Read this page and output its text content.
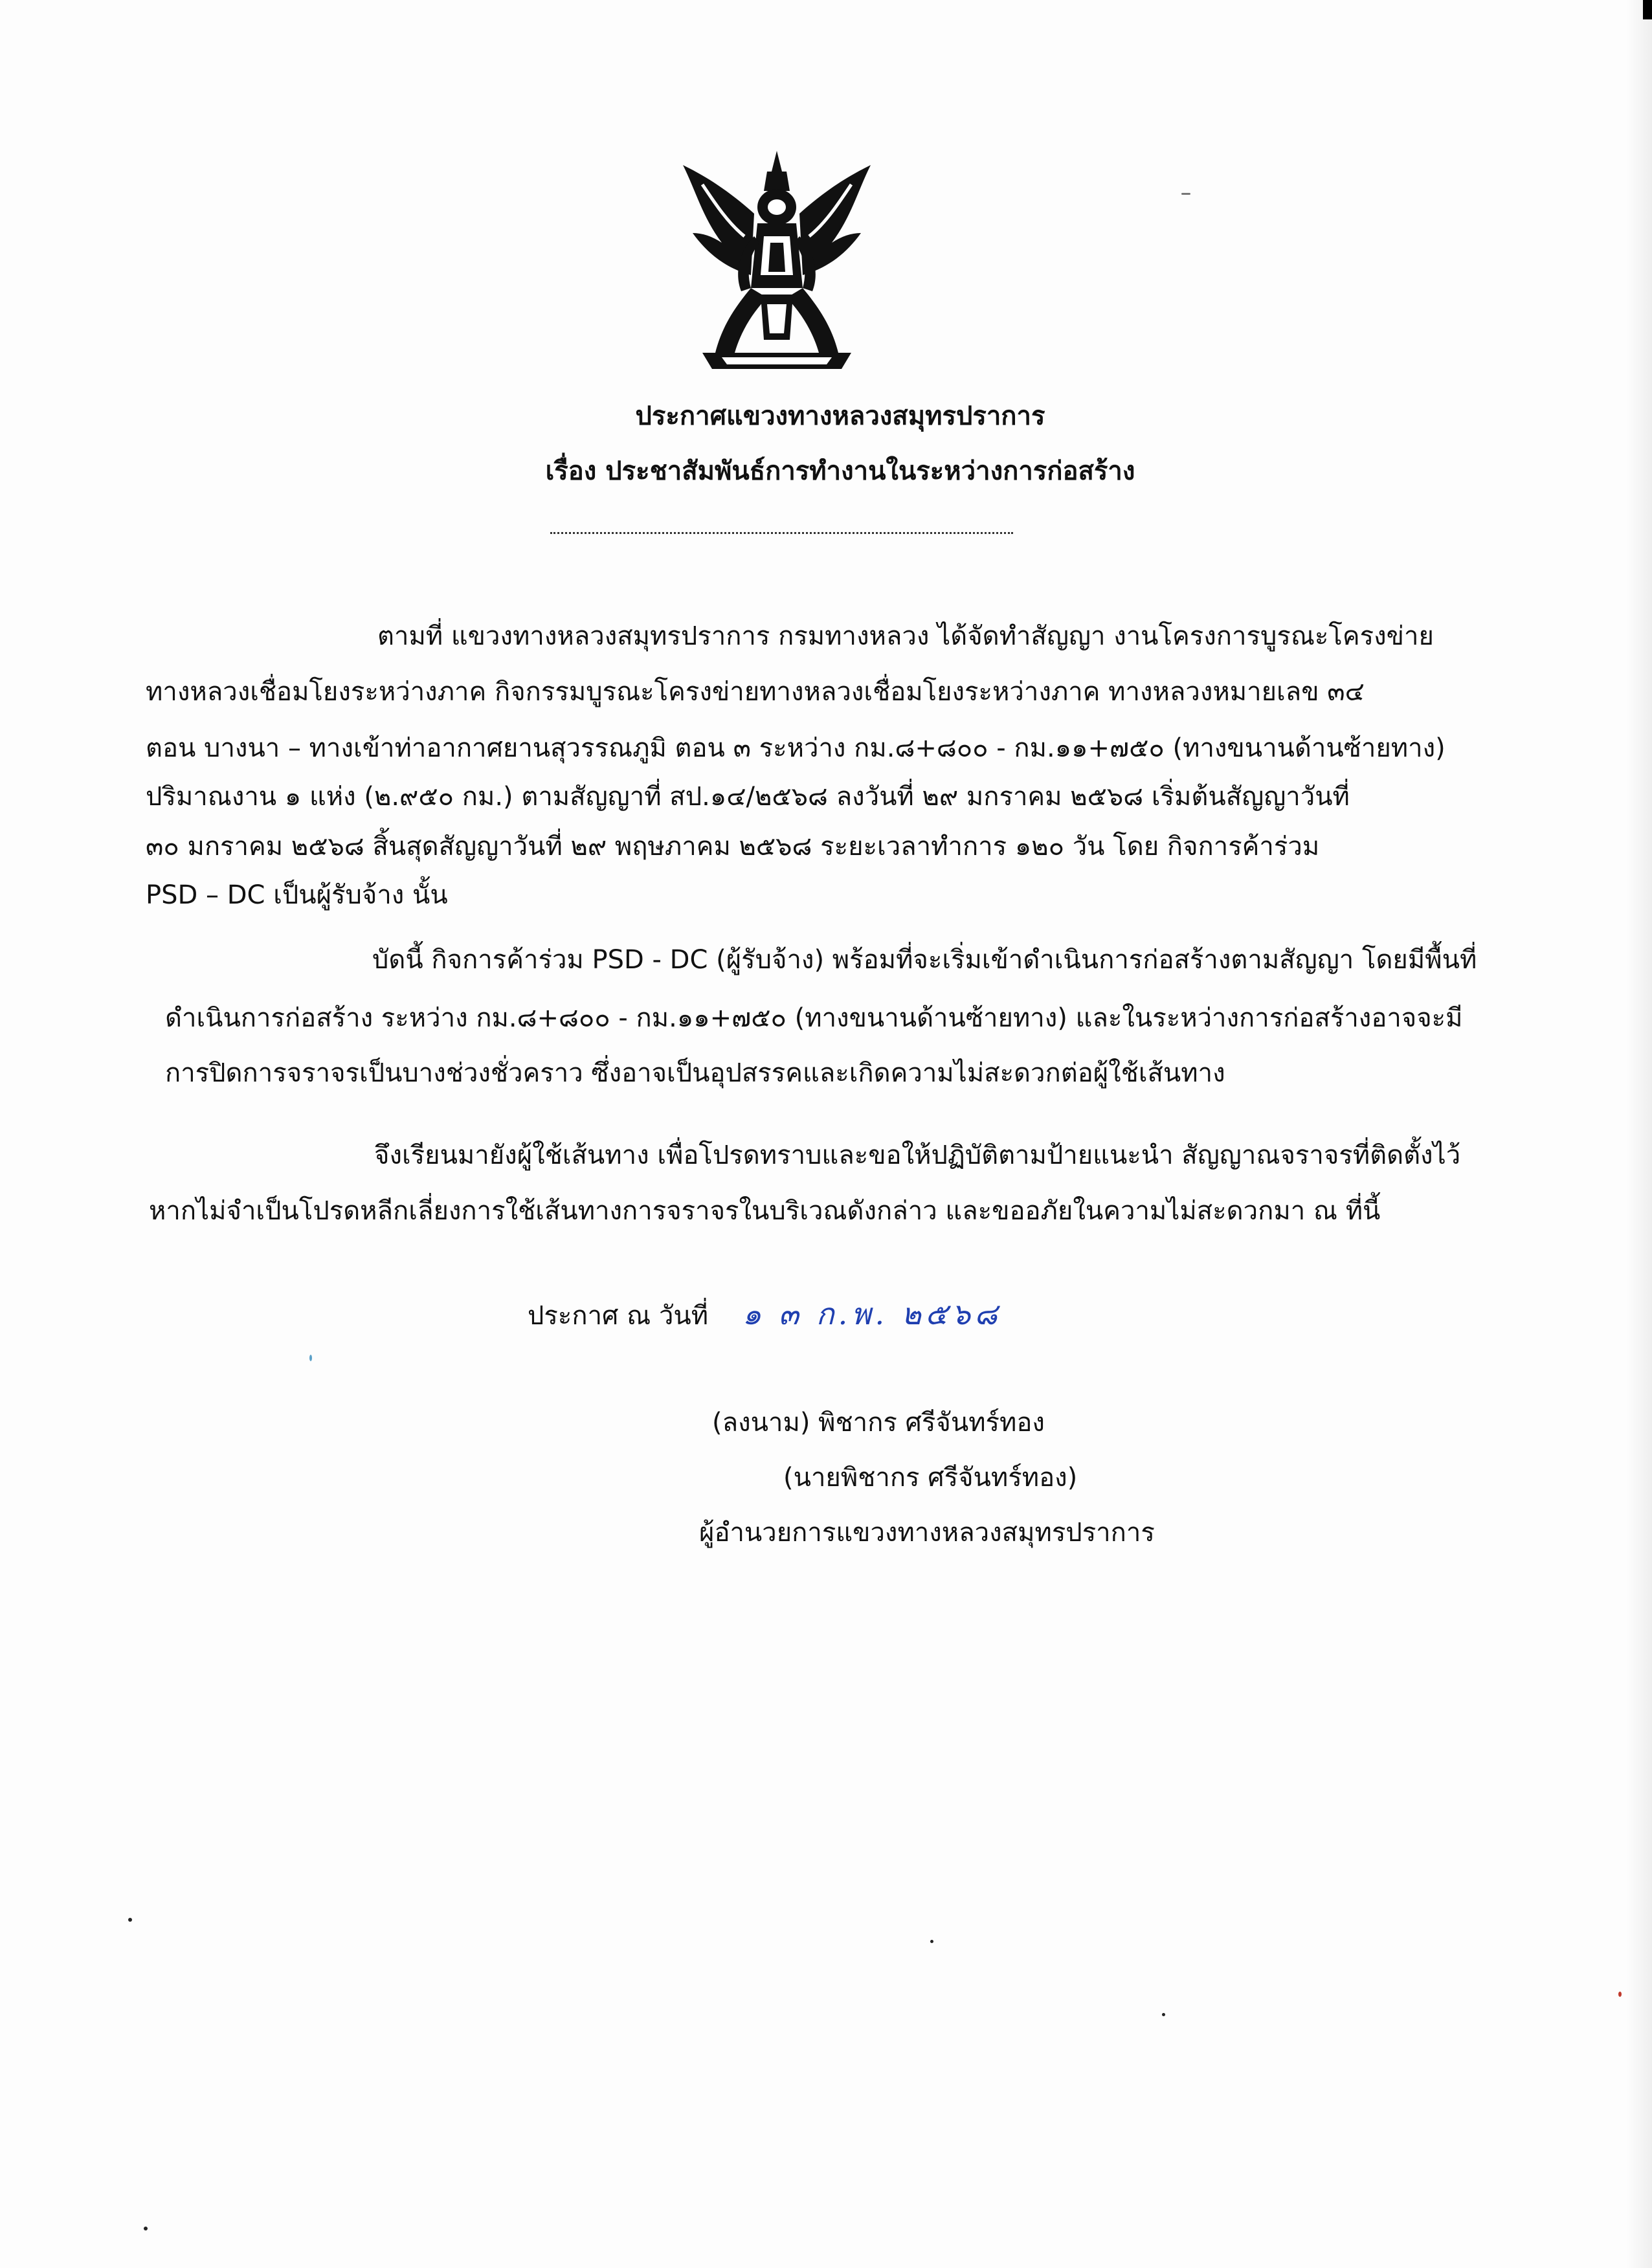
ประกาศแขวงทางหลวงสมุทรปราการ
เรื่อง ประชาสัมพันธ์การทำงานในระหว่างการก่อสร้าง
ตามที่ แขวงทางหลวงสมุทรปราการ กรมทางหลวง ได้จัดทำสัญญา งานโครงการบูรณะโครงข่าย
ทางหลวงเชื่อมโยงระหว่างภาค กิจกรรมบูรณะโครงข่ายทางหลวงเชื่อมโยงระหว่างภาค ทางหลวงหมายเลข ๓๔
ตอน บางนา – ทางเข้าท่าอากาศยานสุวรรณภูมิ ตอน ๓ ระหว่าง กม.๘+๘๐๐ - กม.๑๑+๗๕๐ (ทางขนานด้านซ้ายทาง)
ปริมาณงาน ๑ แห่ง (๒.๙๕๐ กม.) ตามสัญญาที่ สป.๑๔/๒๕๖๘ ลงวันที่ ๒๙ มกราคม ๒๕๖๘ เริ่มต้นสัญญาวันที่
๓๐ มกราคม ๒๕๖๘ สิ้นสุดสัญญาวันที่ ๒๙ พฤษภาคม ๒๕๖๘ ระยะเวลาทำการ ๑๒๐ วัน โดย กิจการค้าร่วม
PSD – DC เป็นผู้รับจ้าง นั้น
บัดนี้ กิจการค้าร่วม PSD - DC (ผู้รับจ้าง) พร้อมที่จะเริ่มเข้าดำเนินการก่อสร้างตามสัญญา โดยมีพื้นที่
ดำเนินการก่อสร้าง ระหว่าง กม.๘+๘๐๐ - กม.๑๑+๗๕๐ (ทางขนานด้านซ้ายทาง) และในระหว่างการก่อสร้างอาจจะมี
การปิดการจราจรเป็นบางช่วงชั่วคราว ซึ่งอาจเป็นอุปสรรคและเกิดความไม่สะดวกต่อผู้ใช้เส้นทาง
จึงเรียนมายังผู้ใช้เส้นทาง เพื่อโปรดทราบและขอให้ปฏิบัติตามป้ายแนะนำ สัญญาณจราจรที่ติดตั้งไว้
หากไม่จำเป็นโปรดหลีกเลี่ยงการใช้เส้นทางการจราจรในบริเวณดังกล่าว และขออภัยในความไม่สะดวกมา ณ ที่นี้
ประกาศ ณ วันที่ ๑ ๓ ก.พ. ๒๕๖๘
(ลงนาม) พิชากร ศรีจันทร์ทอง
(นายพิชากร ศรีจันทร์ทอง)
ผู้อำนวยการแขวงทางหลวงสมุทรปราการ
